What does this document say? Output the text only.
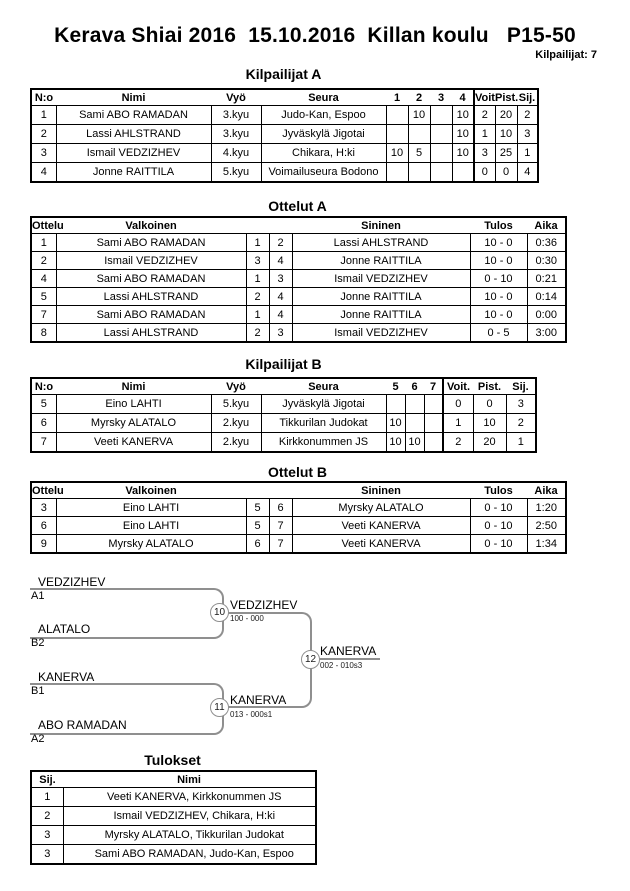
Kerava Shiai 2016  15.10.2016  Killan koulu   P15-50
Kilpailijat: 7
Kilpailijat A
N:o	Nimi	Vyö	Seura	1	2	3	4	Voit.	Pist.	Sij.
1	Sami ABO RAMADAN	3.kyu	Judo-Kan, Espoo		10		10	2	20	2
2	Lassi AHLSTRAND	3.kyu	Jyväskylä Jigotai				10	1	10	3
3	Ismail VEDZIZHEV	4.kyu	Chikara, H:ki	10	5		10	3	25	1
4	Jonne RAITTILA	5.kyu	Voimailuseura Bodono					0	0	4
Ottelut A
Ottelu	Valkoinen			Sininen	Tulos	Aika
1	Sami ABO RAMADAN	1	2	Lassi AHLSTRAND	10 - 0	0:36
2	Ismail VEDZIZHEV	3	4	Jonne RAITTILA	10 - 0	0:30
4	Sami ABO RAMADAN	1	3	Ismail VEDZIZHEV	0 - 10	0:21
5	Lassi AHLSTRAND	2	4	Jonne RAITTILA	10 - 0	0:14
7	Sami ABO RAMADAN	1	4	Jonne RAITTILA	10 - 0	0:00
8	Lassi AHLSTRAND	2	3	Ismail VEDZIZHEV	0 - 5	3:00
Kilpailijat B
N:o	Nimi	Vyö	Seura	5	6	7	Voit.	Pist.	Sij.
5	Eino LAHTI	5.kyu	Jyväskylä Jigotai				0	0	3
6	Myrsky ALATALO	2.kyu	Tikkurilan Judokat	10			1	10	2
7	Veeti KANERVA	2.kyu	Kirkkonummen JS	10	10		2	20	1
Ottelut B
Ottelu	Valkoinen			Sininen	Tulos	Aika
3	Eino LAHTI	5	6	Myrsky ALATALO	0 - 10	1:20
6	Eino LAHTI	5	7	Veeti KANERVA	0 - 10	2:50
9	Myrsky ALATALO	6	7	Veeti KANERVA	0 - 10	1:34
VEDZIZHEV
A1
ALATALO
B2
KANERVA
B1
ABO RAMADAN
A2
10
11
12
VEDZIZHEV
100 - 000
KANERVA
013 - 000s1
KANERVA
002 - 010s3
Tulokset
Sij.	Nimi
1	Veeti KANERVA, Kirkkonummen JS
2	Ismail VEDZIZHEV, Chikara, H:ki
3	Myrsky ALATALO, Tikkurilan Judokat
3	Sami ABO RAMADAN, Judo-Kan, Espoo
